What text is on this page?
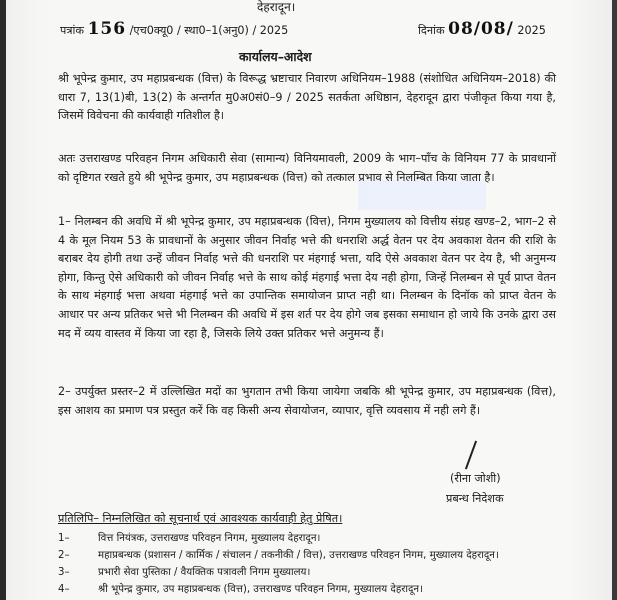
देहरादून।
पत्रांक 156 /एच0क्यू0 / स्था0–1(अनु0) / 2025	दिनांक 08/08/ 2025
कार्यालय–आदेश
श्री भूपेन्द्र कुमार, उप महाप्रबन्धक (वित्त) के विरूद्ध भ्रष्टाचार निवारण अधिनियम–1988 (संशोधित अधिनियम–2018) की धारा 7, 13(1)बी, 13(2) के अन्तर्गत मु0अ0सं0–9 / 2025 सतर्कता अधिष्ठान, देहरादून द्वारा पंजीकृत किया गया है, जिसमें विवेचना की कार्यवाही गतिशील है।
अतः उत्तराखण्ड परिवहन निगम अधिकारी सेवा (सामान्य) विनियमावली, 2009 के भाग–पाँच के विनियम 77 के प्रावधानों को दृष्टिगत रखते हुये श्री भूपेन्द्र कुमार, उप महाप्रबन्धक (वित्त) को तत्काल प्रभाव से निलम्बित किया जाता है।
1– निलम्बन की अवधि में श्री भूपेन्द्र कुमार, उप महाप्रबन्धक (वित्त), निगम मुख्यालय को वित्तीय संग्रह खण्ड–2, भाग–2 से 4 के मूल नियम 53 के प्रावधानों के अनुसार जीवन निर्वाह भत्ते की धनराशि अर्द्ध वेतन पर देय अवकाश वेतन की राशि के बराबर देय होगी तथा उन्हें जीवन निर्वाह भत्ते की धनराशि पर मंहगाई भत्ता, यदि ऐसे अवकाश वेतन पर देय है, भी अनुमन्य होगा, किन्तु ऐसे अधिकारी को जीवन निर्वाह भत्ते के साथ कोई मंहगाई भत्ता देय नही होगा, जिन्हें निलम्बन से पूर्व प्राप्त वेतन के साथ मंहगाई भत्ता अथवा मंहगाई भत्ते का उपान्तिक समायोजन प्राप्त नही था। निलम्बन के दिनॉक को प्राप्त वेतन के आधार पर अन्य प्रतिकर भत्ते भी निलम्बन की अवधि में इस शर्त पर देय होगे जब इसका समाधान हो जाये कि उनके द्वारा उस मद में व्यय वास्तव में किया जा रहा है, जिसके लिये उक्त प्रतिकर भत्ते अनुमन्य हैं।
2– उपर्युक्त प्रस्तर–2 में उल्लिखित मदों का भुगतान तभी किया जायेगा जबकि श्री भूपेन्द्र कुमार, उप महाप्रबन्धक (वित्त), इस आशय का प्रमाण पत्र प्रस्तुत करें कि वह किसी अन्य सेवायोजन, व्यापार, वृत्ति व्यवसाय में नही लगे हैं।
(रीना जोशी)
प्रबन्ध निदेशक
प्रतिलिपि– निम्नलिखित को सूचनार्थ एवं आवश्यक कार्यवाही हेतु प्रेषित।
1–	वित्त नियंत्रक, उत्तराखण्ड परिवहन निगम, मुख्यालय देहरादून।
2–	महाप्रबन्धक (प्रशासन / कार्मिक / संचालन / तकनीकी / वित्त), उत्तराखण्ड परिवहन निगम, मुख्यालय देहरादून।
3–	प्रभारी सेवा पुस्तिका / वैयक्तिक पत्रावली निगम मुख्यालय।
4–	श्री भूपेन्द्र कुमार, उप महाप्रबन्धक (वित्त), उत्तराखण्ड परिवहन निगम, मुख्यालय देहरादून।
